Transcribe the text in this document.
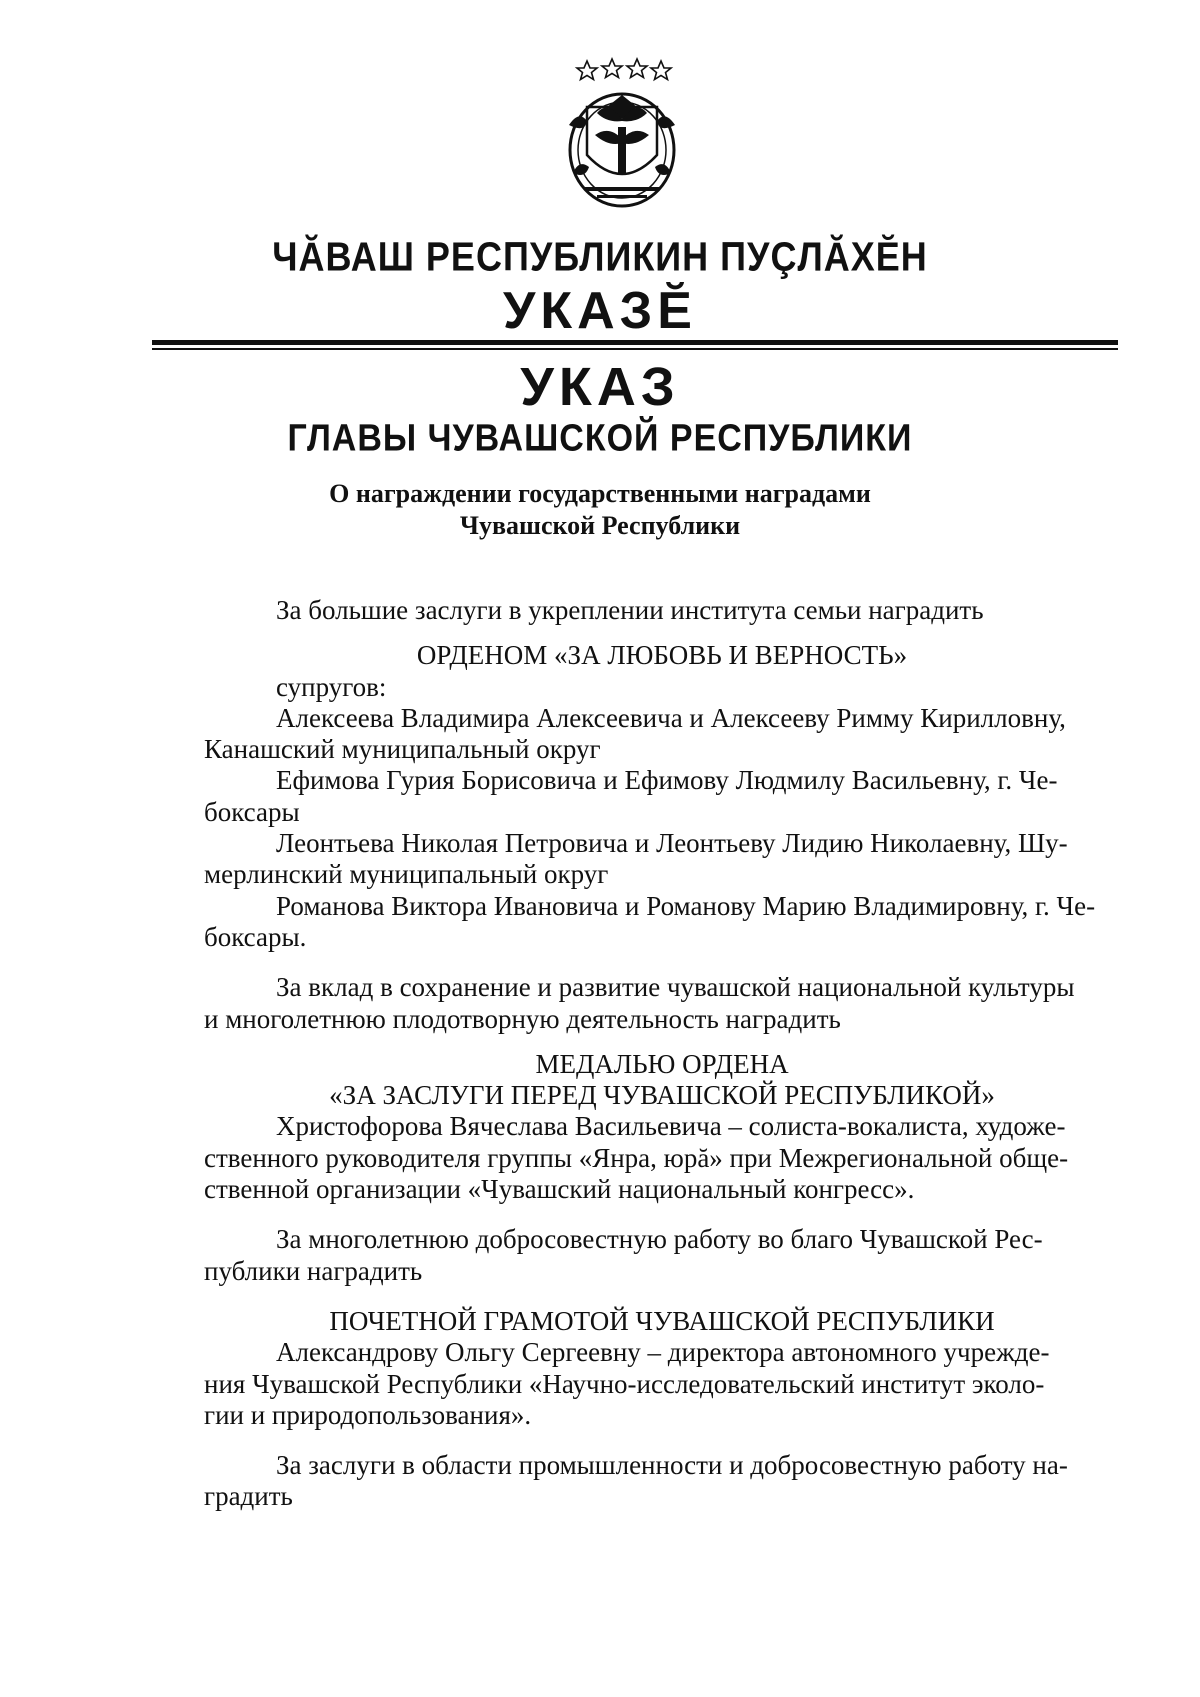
ЧĂВАШ РЕСПУБЛИКИН ПУÇЛĂХĔН
УКАЗĔ
УКАЗ
ГЛАВЫ ЧУВАШСКОЙ РЕСПУБЛИКИ
О награждении государственными наградами
Чувашской Республики

За большие заслуги в укреплении института семьи наградить

ОРДЕНОМ «ЗА ЛЮБОВЬ И ВЕРНОСТЬ»

супругов:

Алексеева Владимира Алексеевича и Алексееву Римму Кирилловну,

Канашский муниципальный округ

Ефимова Гурия Борисовича и Ефимову Людмилу Васильевну, г. Че-

боксары

Леонтьева Николая Петровича и Леонтьеву Лидию Николаевну, Шу-

мерлинский муниципальный округ

Романова Виктора Ивановича и Романову Марию Владимировну, г. Че-

боксары.

За вклад в сохранение и развитие чувашской национальной культуры

и многолетнюю плодотворную деятельность наградить

МЕДАЛЬЮ ОРДЕНА

«ЗА ЗАСЛУГИ ПЕРЕД ЧУВАШСКОЙ РЕСПУБЛИКОЙ»

Христофорова Вячеслава Васильевича – солиста-вокалиста, художе-

ственного руководителя группы «Янра, юрă» при Межрегиональной обще-

ственной организации «Чувашский национальный конгресс».

За многолетнюю добросовестную работу во благо Чувашской Рес-

публики наградить

ПОЧЕТНОЙ ГРАМОТОЙ ЧУВАШСКОЙ РЕСПУБЛИКИ

Александрову Ольгу Сергеевну – директора автономного учрежде-

ния Чувашской Республики «Научно-исследовательский институт эколо-

гии и природопользования».

За заслуги в области промышленности и добросовестную работу на-

градить
